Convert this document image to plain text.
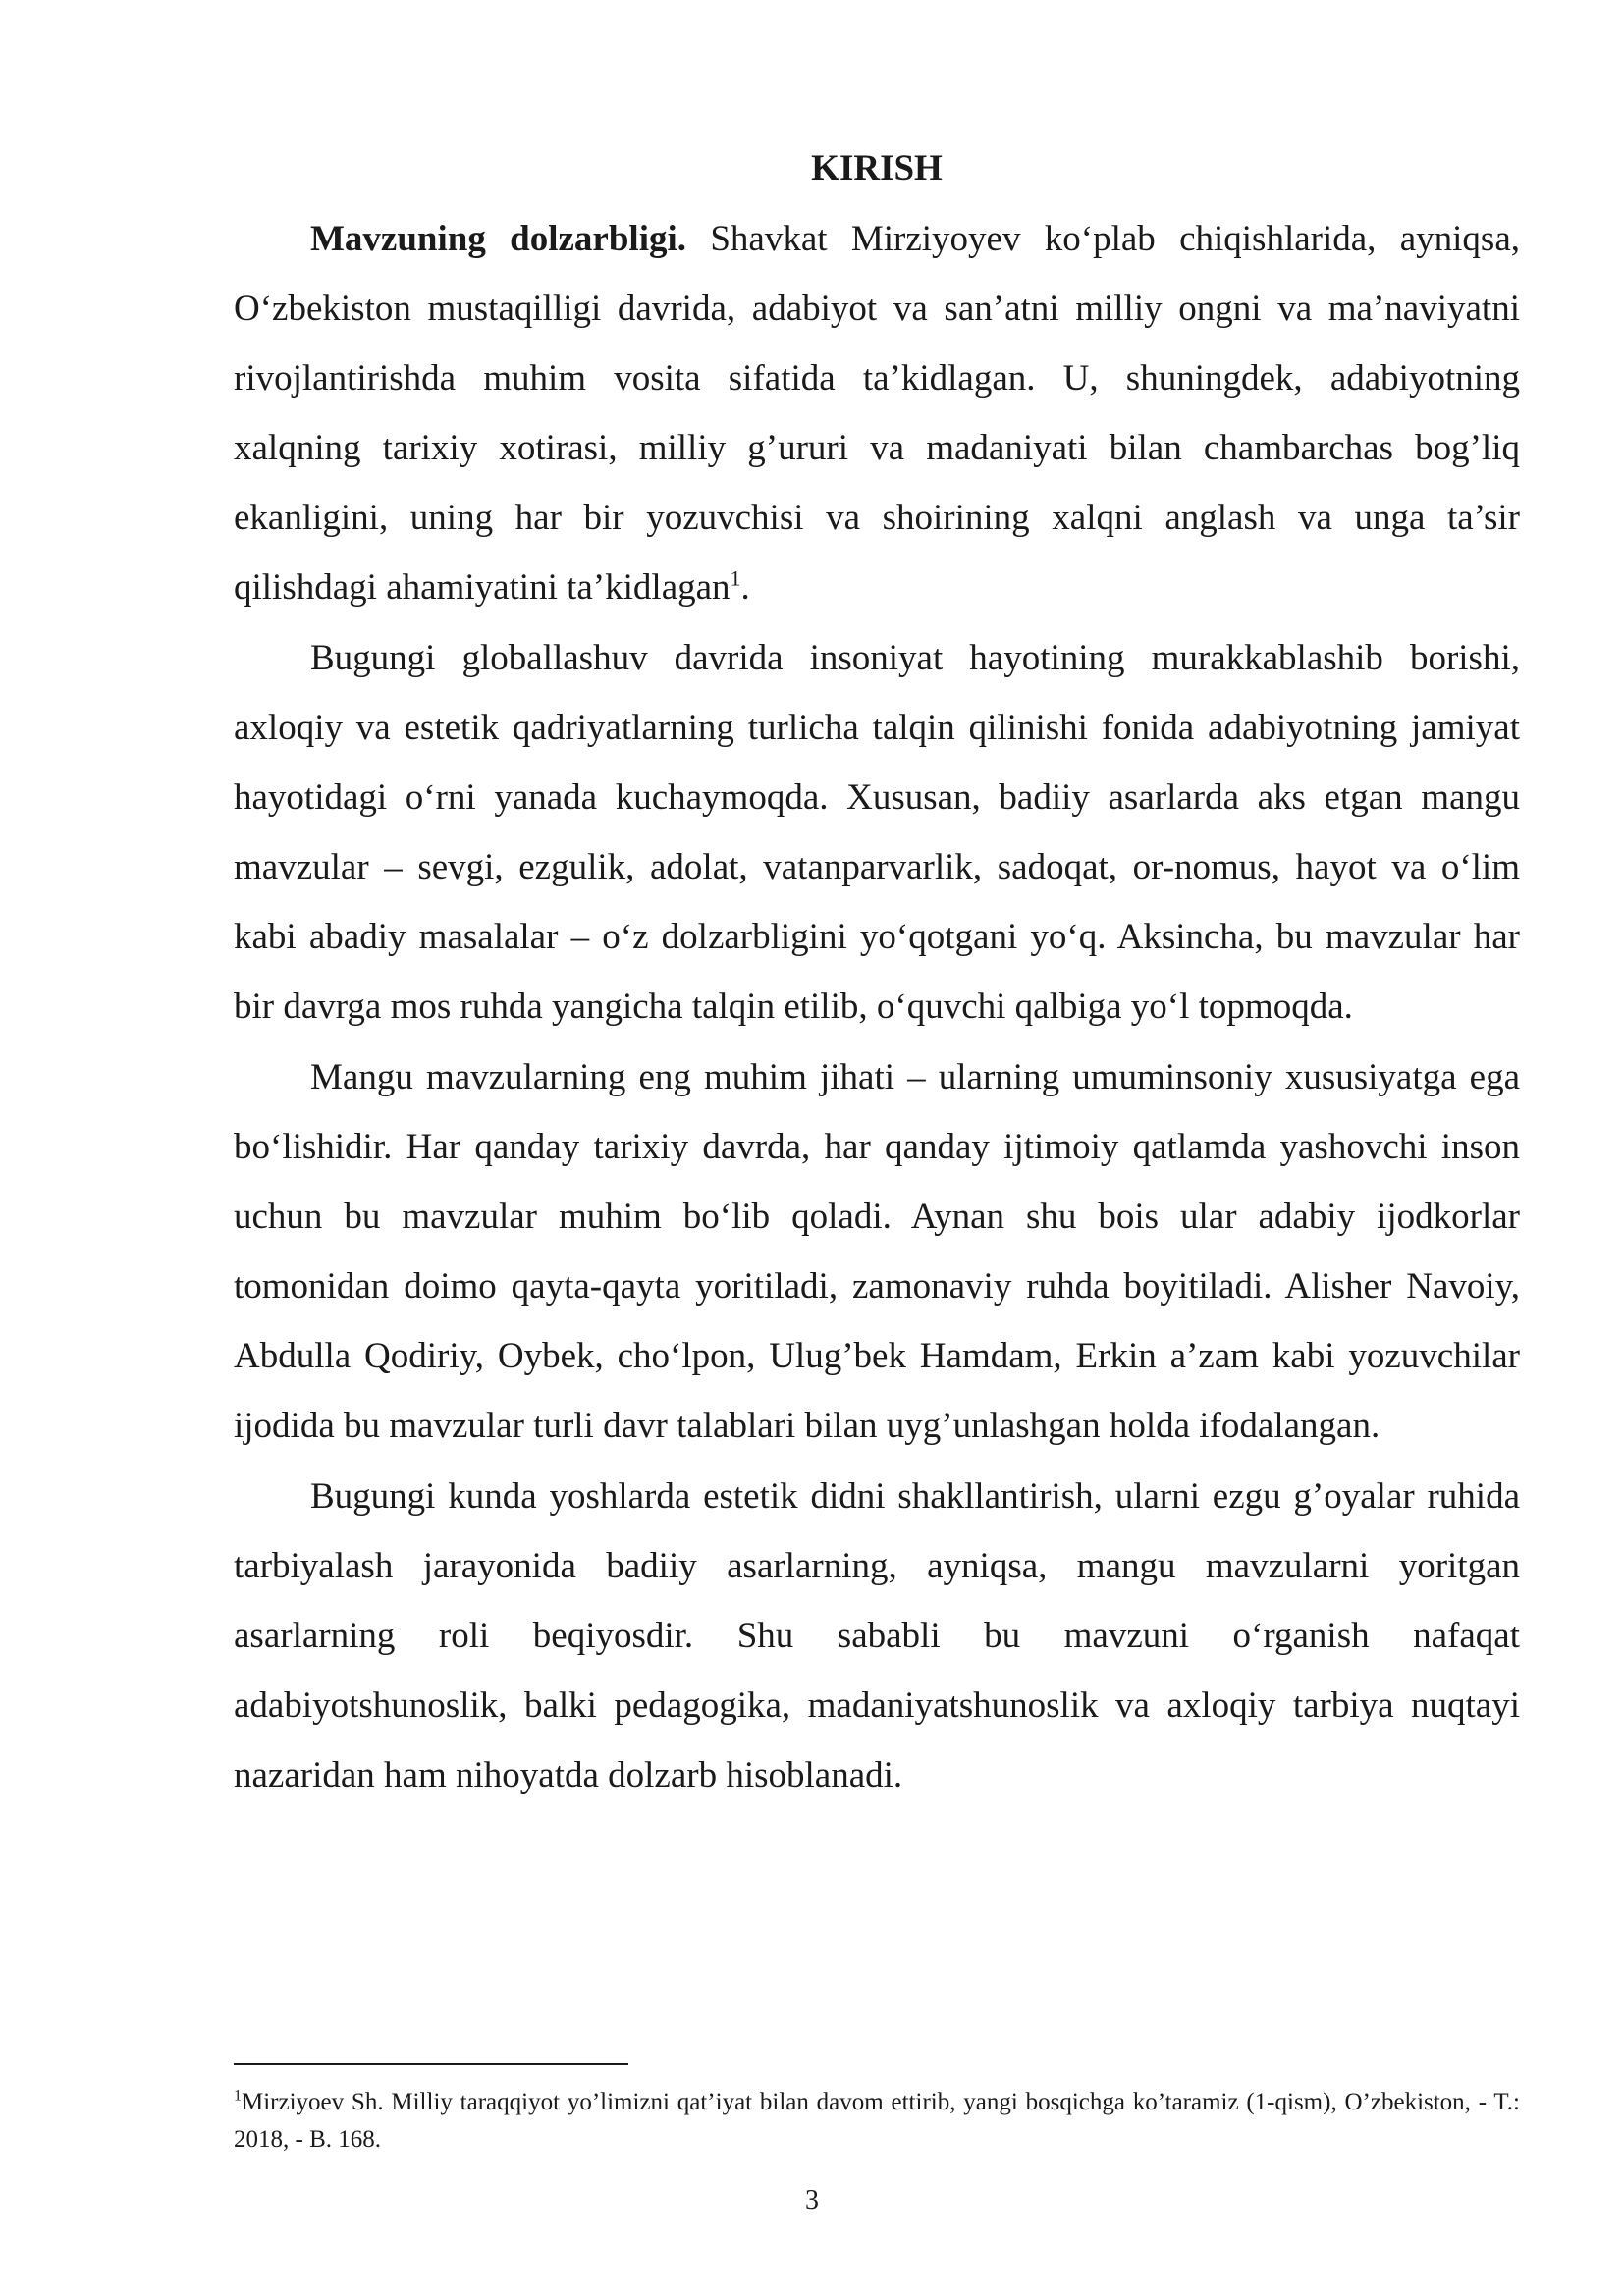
KIRISH

Mavzuning dolzarbligi. Shavkat Mirziyoyev koʻplab chiqishlarida, ayniqsa, Oʻzbekiston mustaqilligi davrida, adabiyot va san’atni milliy ongni va ma’naviyatni rivojlantirishda muhim vosita sifatida ta’kidlagan. U, shuningdek, adabiyotning xalqning tarixiy xotirasi, milliy g’ururi va madaniyati bilan chambarchas bog’liq ekanligini, uning har bir yozuvchisi va shoirining xalqni anglash va unga ta’sir qilishdagi ahamiyatini ta’kidlagan$^1$.

Bugungi globallashuv davrida insoniyat hayotining murakkablashib borishi, axloqiy va estetik qadriyatlarning turlicha talqin qilinishi fonida adabiyotning jamiyat hayotidagi oʻrni yanada kuchaymoqda. Xususan, badiiy asarlarda aks etgan mangu mavzular – sevgi, ezgulik, adolat, vatanparvarlik, sadoqat, or-nomus, hayot va oʻlim kabi abadiy masalalar – oʻz dolzarbligini yoʻqotgani yoʻq. Aksincha, bu mavzular har bir davrga mos ruhda yangicha talqin etilib, oʻquvchi qalbiga yoʻl topmoqda.

Mangu mavzularning eng muhim jihati – ularning umuminsoniy xususiyatga ega boʻlishidir. Har qanday tarixiy davrda, har qanday ijtimoiy qatlamda yashovchi inson uchun bu mavzular muhim boʻlib qoladi. Aynan shu bois ular adabiy ijodkorlar tomonidan doimo qayta-qayta yoritiladi, zamonaviy ruhda boyitiladi. Alisher Navoiy, Abdulla Qodiriy, Oybek, choʻlpon, Ulug’bek Hamdam, Erkin a’zam kabi yozuvchilar ijodida bu mavzular turli davr talablari bilan uyg’unlashgan holda ifodalangan.

Bugungi kunda yoshlarda estetik didni shakllantirish, ularni ezgu g’oyalar ruhida tarbiyalash jarayonida badiiy asarlarning, ayniqsa, mangu mavzularni yoritgan asarlarning roli beqiyosdir. Shu sababli bu mavzuni oʻrganish nafaqat adabiyotshunoslik, balki pedagogika, madaniyatshunoslik va axloqiy tarbiya nuqtayi nazaridan ham nihoyatda dolzarb hisoblanadi.

$^1$Mirziyoev Sh. Milliy taraqqiyot yo’limizni qat’iyat bilan davom ettirib, yangi bosqichga ko’taramiz (1-qism), O’zbekiston, - T.: 2018, - B. 168.

3
